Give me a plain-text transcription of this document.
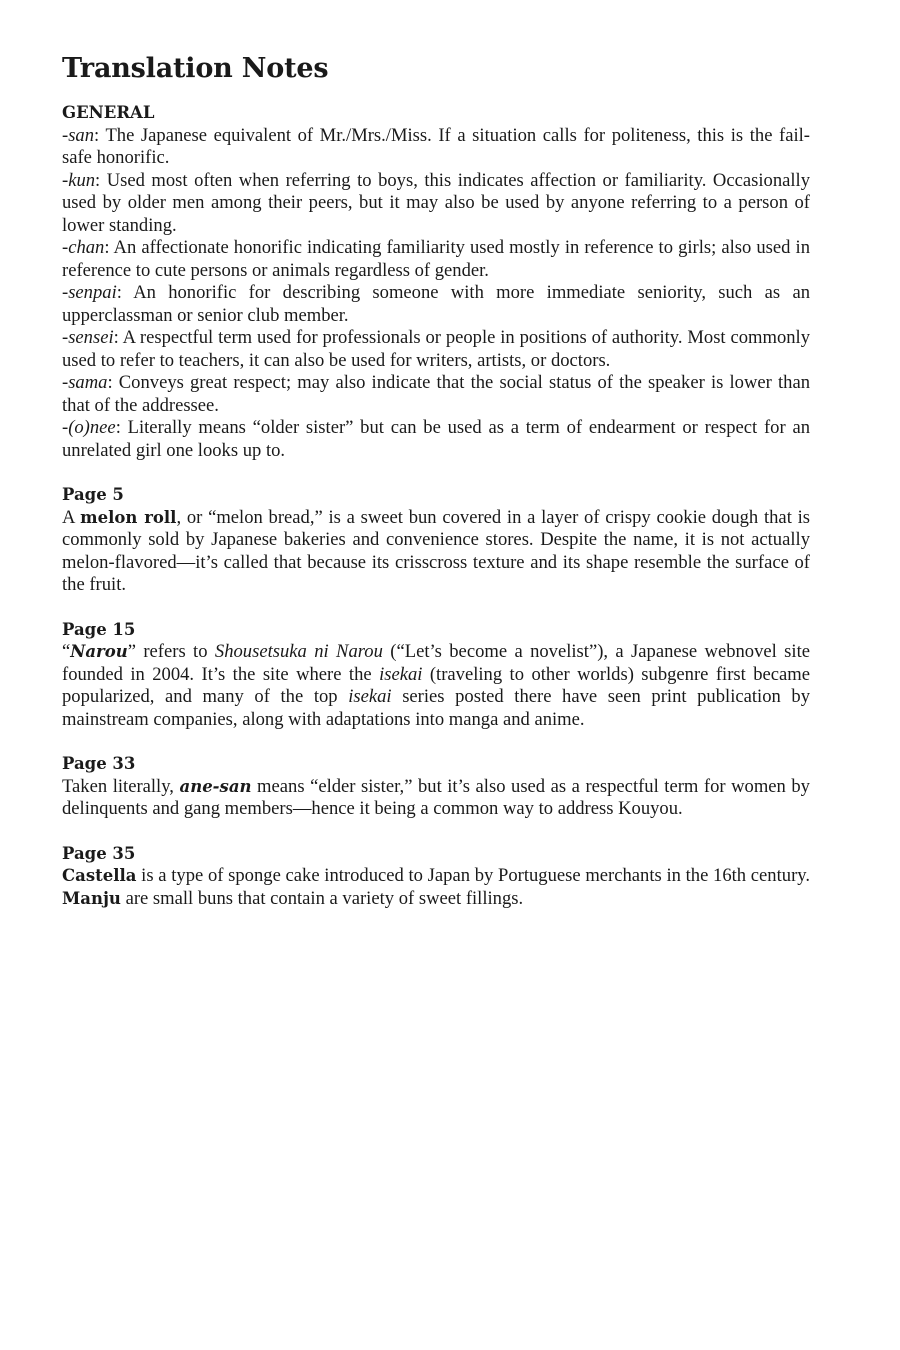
Translation Notes
GENERAL

-san: The Japanese equivalent of Mr./Mrs./Miss. If a situation calls for politeness, this is the fail-safe honorific.

-kun: Used most often when referring to boys, this indicates affection or familiarity. Occasionally used by older men among their peers, but it may also be used by anyone referring to a person of lower standing.

-chan: An affectionate honorific indicating familiarity used mostly in reference to girls; also used in reference to cute persons or animals regardless of gender.

-senpai: An honorific for describing someone with more immediate seniority, such as an upperclassman or senior club member.

-sensei: A respectful term used for professionals or people in positions of authority. Most commonly used to refer to teachers, it can also be used for writers, artists, or doctors.

-sama: Conveys great respect; may also indicate that the social status of the speaker is lower than that of the addressee.

-(o)nee: Literally means “older sister” but can be used as a term of endearment or respect for an unrelated girl one looks up to.

Page 5

A melon roll, or “melon bread,” is a sweet bun covered in a layer of crispy cookie dough that is commonly sold by Japanese bakeries and convenience stores. Despite the name, it is not actually melon-flavored—it’s called that because its crisscross texture and its shape resemble the surface of the fruit.

Page 15

“Narou” refers to Shousetsuka ni Narou (“Let’s become a novelist”), a Japanese webnovel site founded in 2004. It’s the site where the isekai (traveling to other worlds) subgenre first became popularized, and many of the top isekai series posted there have seen print publication by mainstream companies, along with adaptations into manga and anime.

Page 33

Taken literally, ane-san means “elder sister,” but it’s also used as a respectful term for women by delinquents and gang members—hence it being a common way to address Kouyou.

Page 35

Castella is a type of sponge cake introduced to Japan by Portuguese merchants in the 16th century. Manju are small buns that contain a variety of sweet fillings.
